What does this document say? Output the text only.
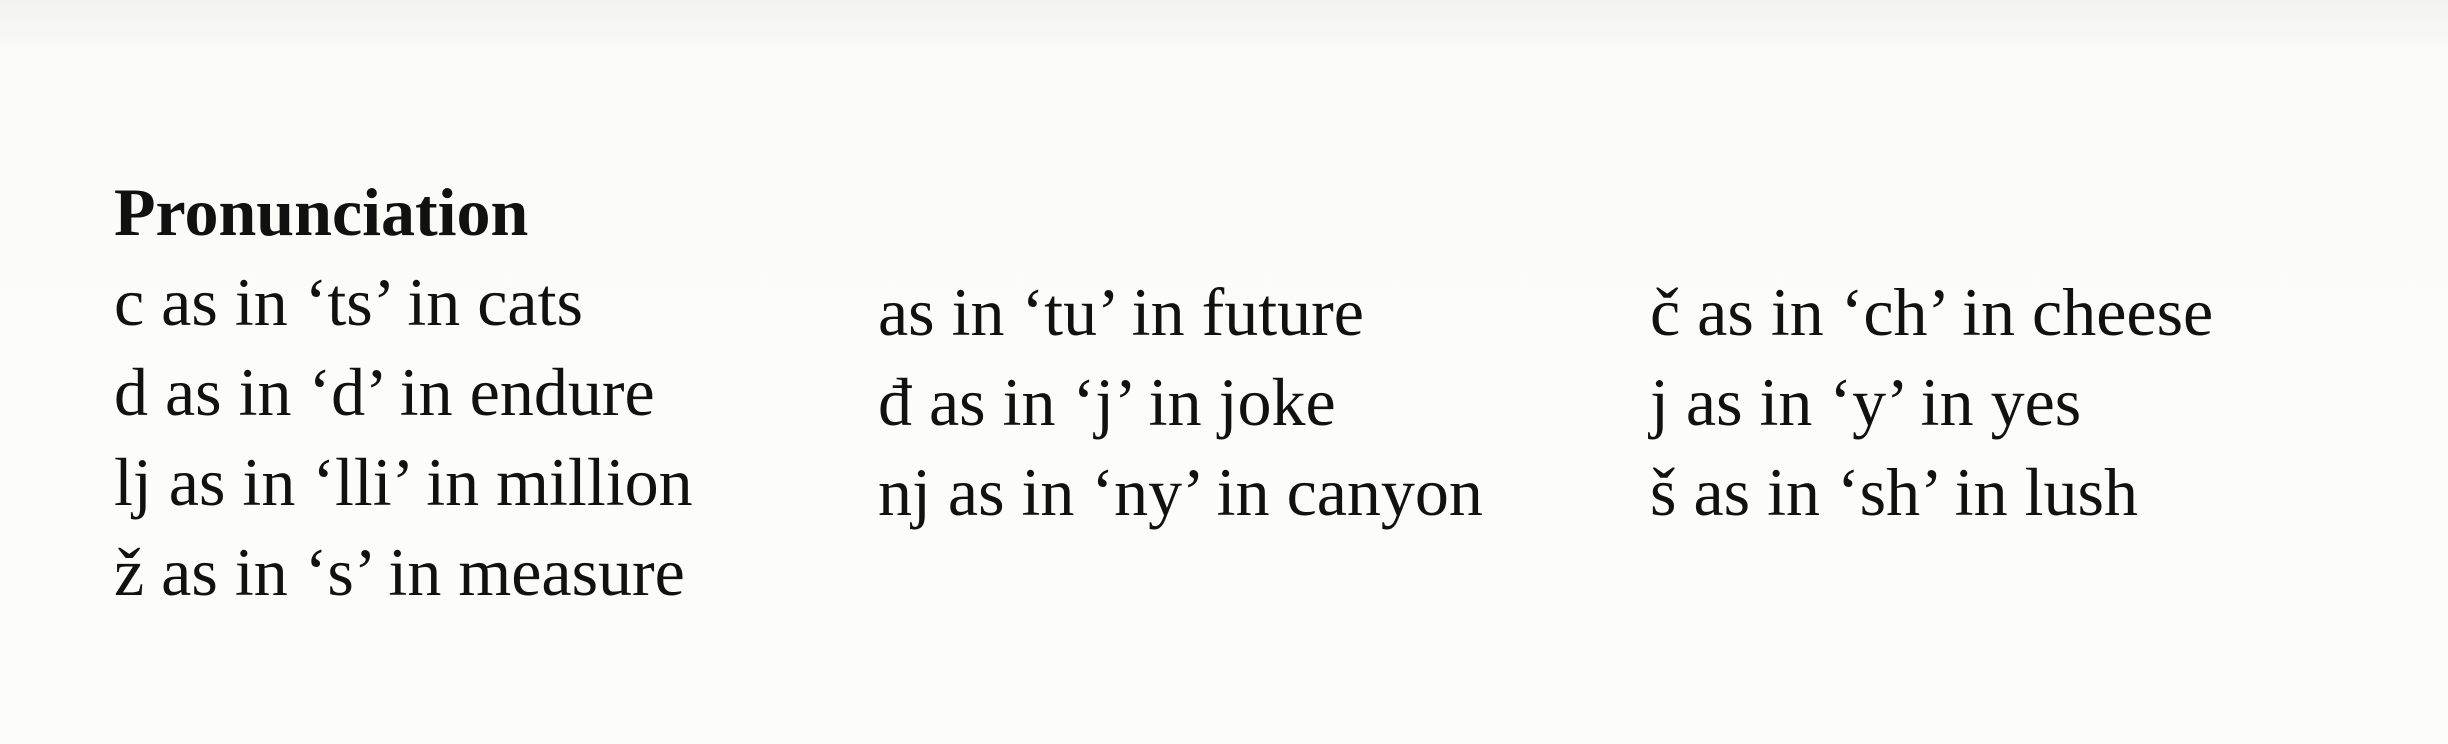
Pronunciation
c as in ‘ts’ in cats
d as in ‘d’ in endure
lj as in ‘lli’ in million
ž as in ‘s’ in measure
as in ‘tu’ in future
đ as in ‘j’ in joke
nj as in ‘ny’ in canyon
č as in ‘ch’ in cheese
j as in ‘y’ in yes
š as in ‘sh’ in lush
